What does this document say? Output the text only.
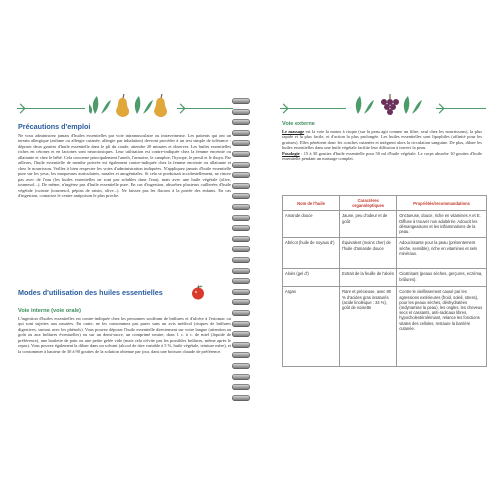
Précautions d'emploi
Ne vous administrez jamais d'huiles essentielles par voie intramusculaire ou intraveineuse. Les patients qui ont un terrain allergique (asthme ou allergie cutanée, allergie par inhalation) devront procéder à un test simple de tolérance : déposer deux gouttes d'huile essentielle dans le pli du coude, attendre 20 minutes et observer. Les huiles essentielles riches en cétones et en lactones sont neurotoxiques. Leur utilisation est contre-indiquée chez la femme enceinte ou allaitante et chez le bébé. Cela concerne principalement l'aneth, l'armoise, le camphre, l'hysope, le persil et le thuya. Par ailleurs, l'huile essentielle de menthe poivrée est également contre-indiquée chez la femme enceinte ou allaitante et chez le nourrisson. Veillez à bien respecter les voies d'administration indiquées. N'appliquez jamais d'huile essentielle pure sur les yeux, les muqueuses auriculaires, nasales et anogénitales. Si cela se produisait accidentellement, ne rincez pas avec de l'eau (les huiles essentielles ne sont pas solubles dans l'eau), mais avec une huile végétale (olive, tournesol...). De même, n'ingérez pas d'huile essentielle pure. En cas d'ingestion, absorbez plusieurs cuillerées d'huile végétale (cuisine (tournesol, pépins de raisin, olive...). Ne laissez pas les flacons à la portée des enfants. En cas d'ingestion, contactez le centre antipoison le plus proche.
Modes d'utilisation des huiles essentielles
Voie interne (voie orale)
L'ingestion d'huiles essentielles est contre-indiquée chez les personnes souffrant de brûlures et d'ulcère à l'estomac ou qui sont sujettes aux nausées. En outre, ne les consommez pas pures sans un avis médical (risques de brûlures digestives, surtout avec les phénols). Vous pouvez déposer l'huile essentielle directement sur votre langue (attention au goût ou aux brûlures éventuelles) ou sur un demi-sucre, un comprimé neutre, dans 1 c. à c. de miel (liquide de préférence), une boulette de pain ou une petite gelée vide (mais cela n'évite pas les possibles brûlures, même après le repas). Vous pouvez également la diluer dans un solvant (alcool de titre variable à 5 %, huile végétale, teinture mère), et la consommer à hauteur de 30 à 90 gouttes de la solution obtenue par jour, dans une boisson chaude de préférence.
Voie externe
Le massage est la voie la moins à risque (sur la peau agit comme un filtre, seul chez les nourrissons), la plus rapide et la plus facile, et d'action la plus prolongée. Les huiles essentielles sont lipophiles (affinité pour les graisses). Elles pénètrent donc les couches cutanées et intègrent alors la circulation sanguine. De plus, diluer les huiles essentielles dans une huile végétale facilite leur diffusion à travers la peau.
Posologie : 15 à 30 gouttes d'huile essentielle pour 50 ml d'huile végétale. Le corps absorbe 10 gouttes d'huile essentielle pendant un massage complet.
Nom de l'huile	Caractères organoleptiques	Propriétés/recommandations
Amande douce	Jaune, peu d'odeur et de goût	Onctueuse, douce, riche en vitamines A et E. Diffuse à trouver non adultérée. Adoucit les démangeaisons et les inflammations de la peau.
Abricot (huile de noyaux d')	Équivalent (moins cher) de l'huile d'amande douce	Adoucissante pour la peau (présentement sèche, sensible), riche en vitamines et sels minéraux.
Aloès (gel d')	Extrait de la feuille de l'aloès	Cicatrisant (peaux sèches, gerçures, eczéma, brûlures).
Argan	Rare et précieuse, avec 80 % d'acides gras insaturés (acide linoléique : 34 %), goût de noisette	Contre le vieillissement causé par les agressions extérieures (froid, soleil, stress), pour les peaux sèches, déshydratées (redynamise la peau), les ongles, les cheveux secs et cassants, anti-radicaux libres, hypocholestérolémiant, relance les fonctions vitales des cellules, restaure la barrière cutanée.
